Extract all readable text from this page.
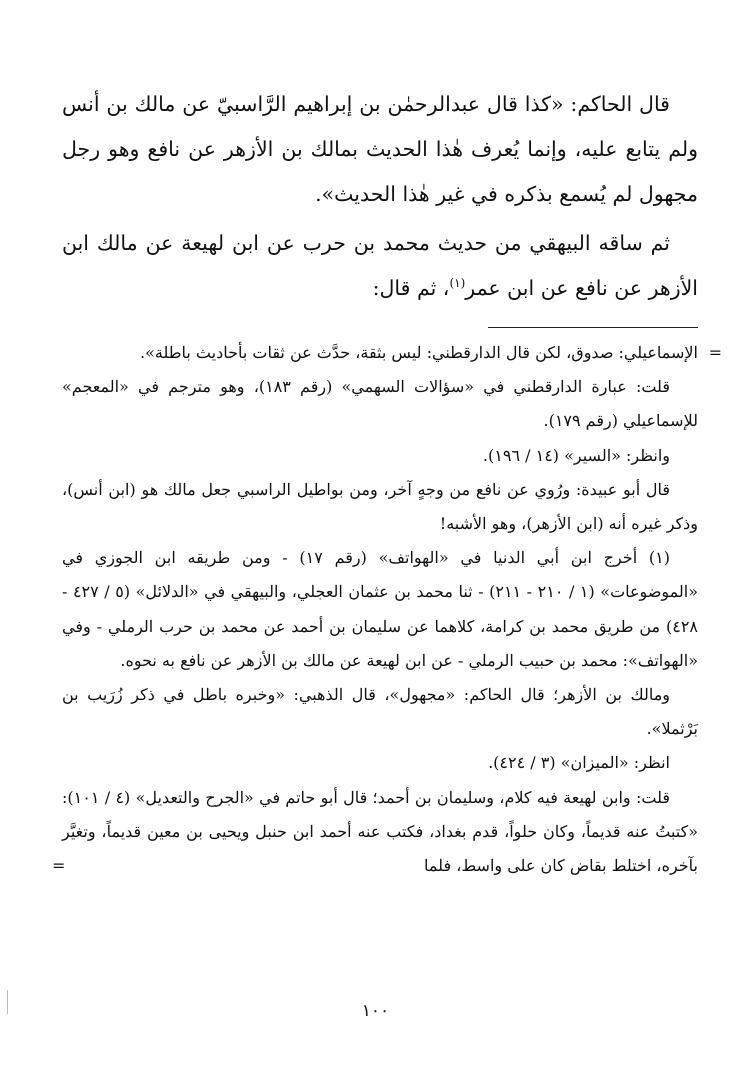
قال الحاكم: «كذا قال عبدالرحمٰن بن إبراهيم الرَّاسبيّ عن مالك بن أنس ولم يتابع عليه، وإنما يُعرف هٰذا الحديث بمالك بن الأزهر عن نافع وهو رجل مجهول لم يُسمع بذكره في غير هٰذا الحديث».

ثم ساقه البيهقي من حديث محمد بن حرب عن ابن لهيعة عن مالك ابن الأزهر عن نافع عن ابن عمر$^{(١)}$، ثم قال:

=

الإسماعيلي: صدوق، لكن قال الدارقطني: ليس بثقة، حدَّث عن ثقات بأحاديث باطلة».

قلت: عبارة الدارقطني في «سؤالات السهمي» (رقم ١٨٣)، وهو مترجم في «المعجم» للإسماعيلي (رقم ١٧٩).

وانظر: «السير» (١٤ / ١٩٦).

قال أبو عبيدة: ورُوي عن نافع من وجهٍ آخر، ومن بواطيل الراسبي جعل مالك هو (ابن أنس)، وذكر غيره أنه (ابن الأزهر)، وهو الأشبه!

(١) أخرج ابن أبي الدنيا في «الهواتف» (رقم ١٧) - ومن طريقه ابن الجوزي في «الموضوعات» (١ / ٢١٠ - ٢١١) - ثنا محمد بن عثمان العجلي، والبيهقي في «الدلائل» (٥ / ٤٢٧ - ٤٢٨) من طريق محمد بن كرامة، كلاهما عن سليمان بن أحمد عن محمد بن حرب الرملي - وفي «الهواتف»: محمد بن حبيب الرملي - عن ابن لهيعة عن مالك بن الأزهر عن نافع به نحوه.

ومالك بن الأزهر؛ قال الحاكم: «مجهول»، قال الذهبي: «وخبره باطل في ذكر زُرَيب بن بَرْثملا».

انظر: «الميزان» (٣ / ٤٢٤).

قلت: وابن لهيعة فيه كلام، وسليمان بن أحمد؛ قال أبو حاتم في «الجرح والتعديل» (٤ / ١٠١): «كتبتُ عنه قديماً، وكان حلواً، قدم بغداد، فكتب عنه أحمد ابن حنبل ويحيى بن معين قديماً، وتغيَّر بآخره، اختلط بقاض كان على واسط، فلما

=
١٠٠
